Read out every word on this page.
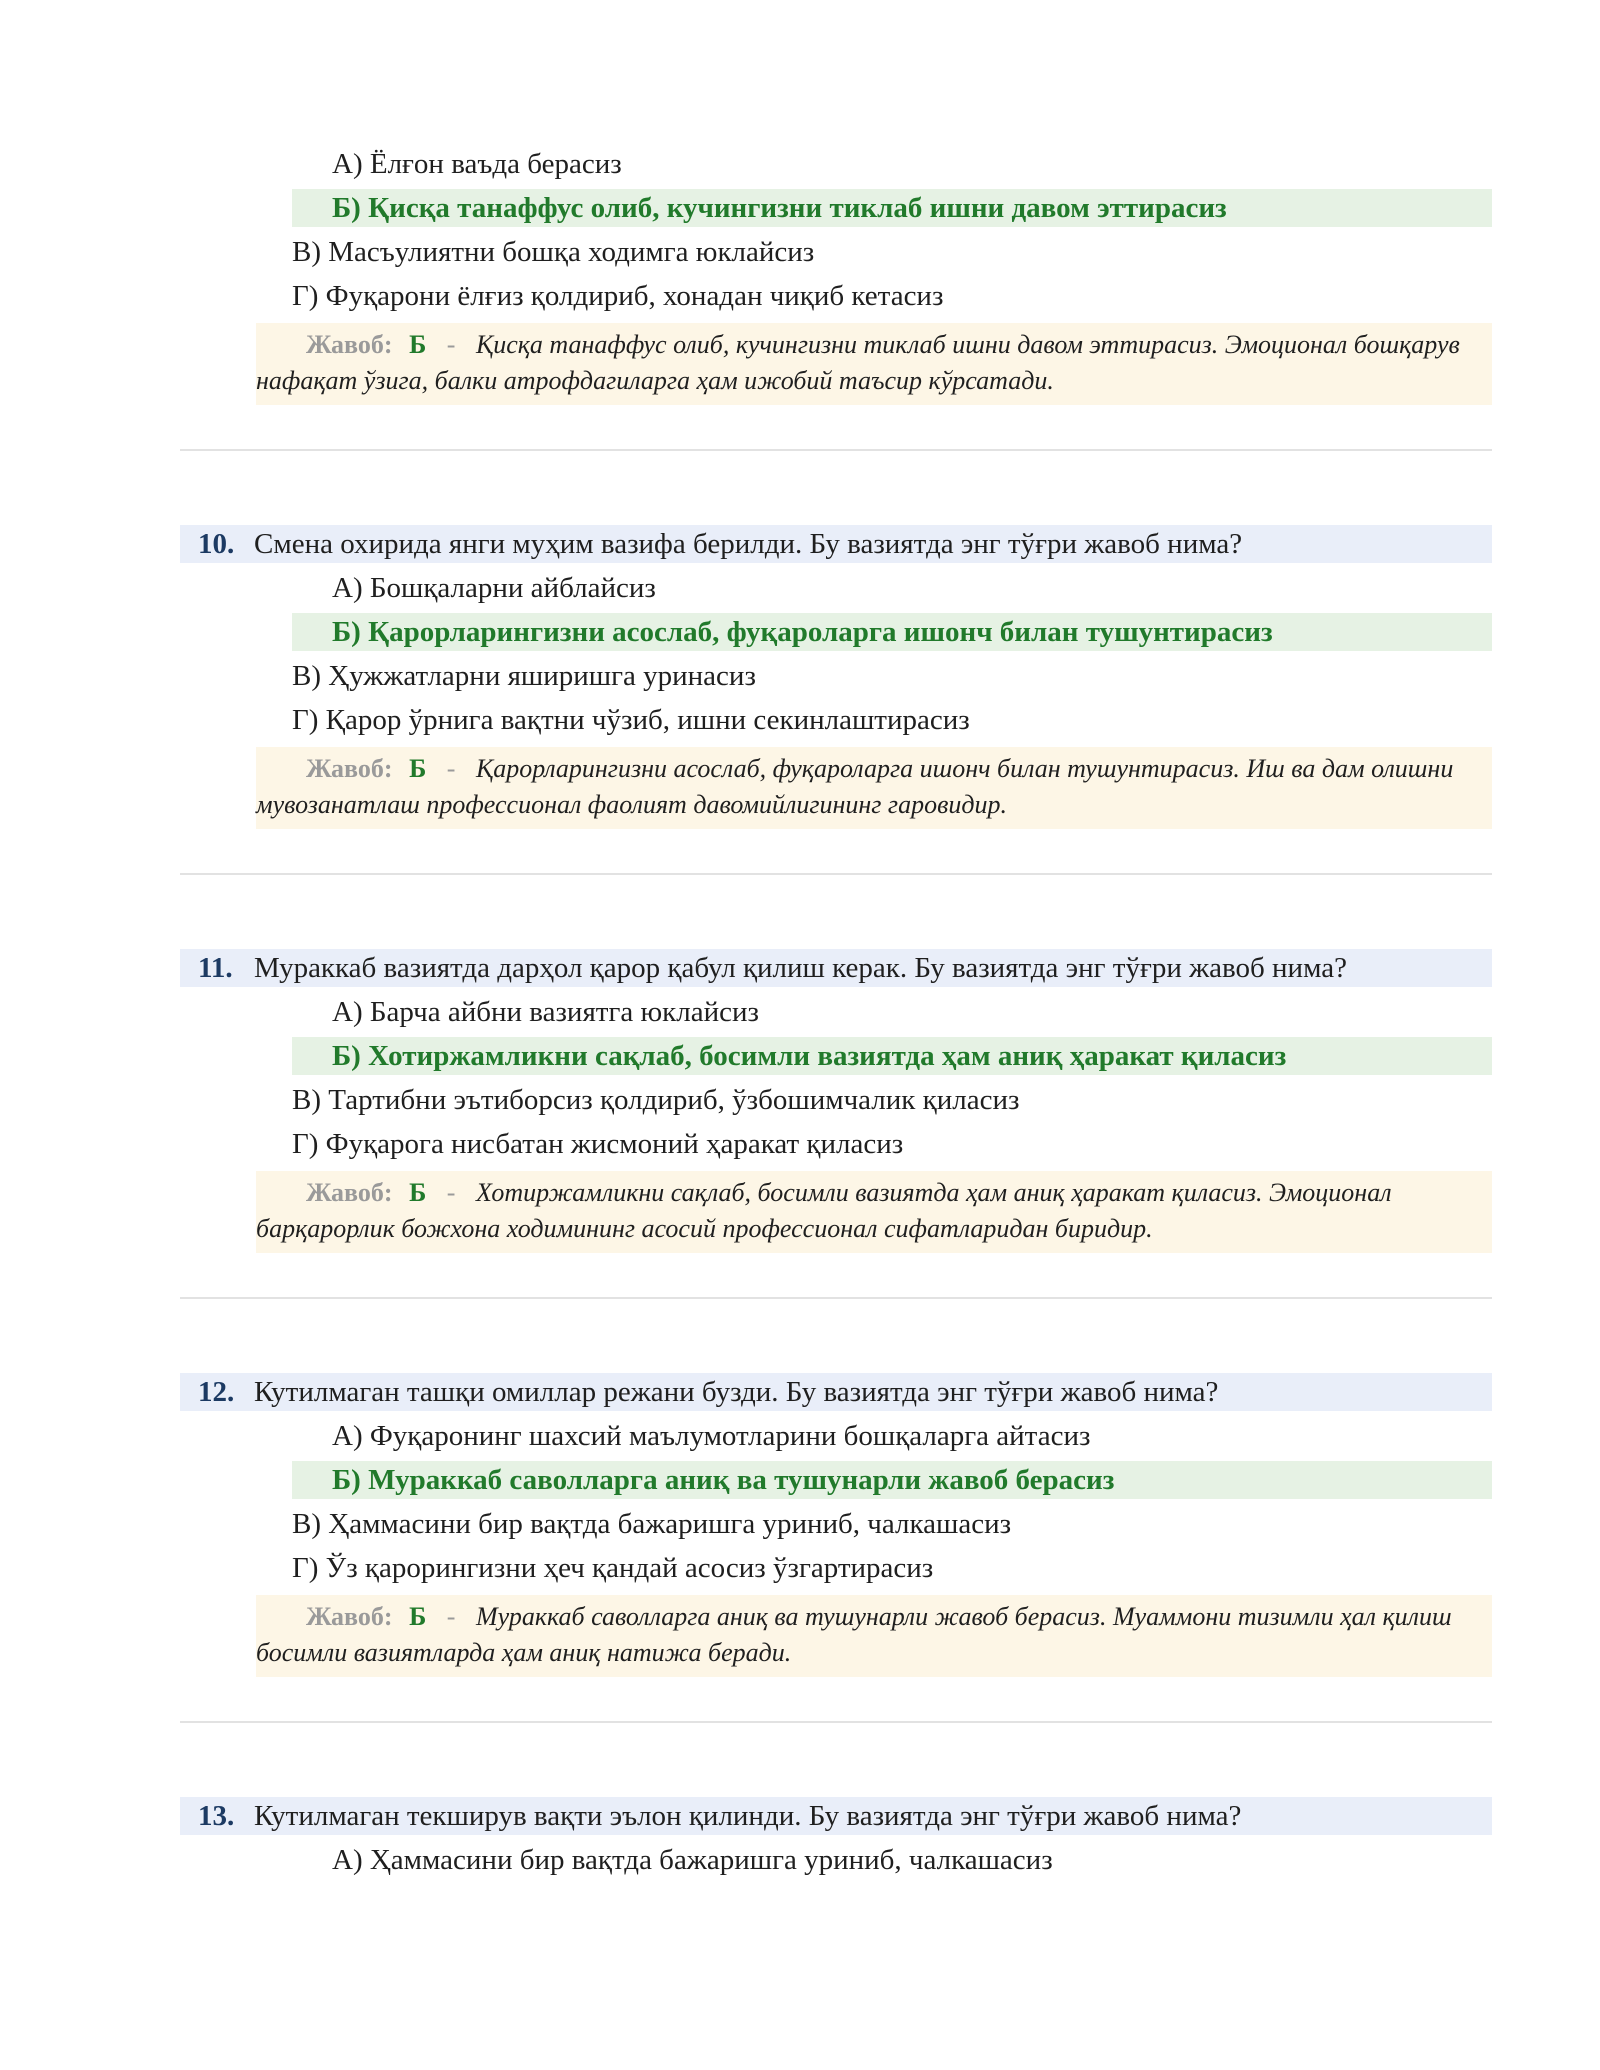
А) Ёлғон ваъда берасиз
Б) Қисқа танаффус олиб, кучингизни тиклаб ишни давом эттирасиз
В) Масъулиятни бошқа ходимга юклайсиз
Г) Фуқарони ёлғиз қолдириб, хонадан чиқиб кетасиз
Жавоб: Б - Қисқа танаффус олиб, кучингизни тиклаб ишни давом эттирасиз. Эмоционал бошқарув нафақат ўзига, балки атрофдагиларга ҳам ижобий таъсир кўрсатади.
10. Смена охирида янги муҳим вазифа берилди. Бу вазиятда энг тўғри жавоб нима?
А) Бошқаларни айблайсиз
Б) Қарорларингизни асослаб, фуқароларга ишонч билан тушунтирасиз
В) Ҳужжатларни яширишга уринасиз
Г) Қарор ўрнига вақтни чўзиб, ишни секинлаштирасиз
Жавоб: Б - Қарорларингизни асослаб, фуқароларга ишонч билан тушунтирасиз. Иш ва дам олишни мувозанатлаш профессионал фаолият давомийлигининг гаровидир.
11. Мураккаб вазиятда дарҳол қарор қабул қилиш керак. Бу вазиятда энг тўғри жавоб нима?
А) Барча айбни вазиятга юклайсиз
Б) Хотиржамликни сақлаб, босимли вазиятда ҳам аниқ ҳаракат қиласиз
В) Тартибни эътиборсиз қолдириб, ўзбошимчалик қиласиз
Г) Фуқарога нисбатан жисмоний ҳаракат қиласиз
Жавоб: Б - Хотиржамликни сақлаб, босимли вазиятда ҳам аниқ ҳаракат қиласиз. Эмоционал барқарорлик божхона ходимининг асосий профессионал сифатларидан биридир.
12. Кутилмаган ташқи омиллар режани бузди. Бу вазиятда энг тўғри жавоб нима?
А) Фуқаронинг шахсий маълумотларини бошқаларга айтасиз
Б) Мураккаб саволларга аниқ ва тушунарли жавоб берасиз
В) Ҳаммасини бир вақтда бажаришга уриниб, чалкашасиз
Г) Ўз қарорингизни ҳеч қандай асосиз ўзгартирасиз
Жавоб: Б - Мураккаб саволларга аниқ ва тушунарли жавоб берасиз. Муаммони тизимли ҳал қилиш босимли вазиятларда ҳам аниқ натижа беради.
13. Кутилмаган текширув вақти эълон қилинди. Бу вазиятда энг тўғри жавоб нима?
А) Ҳаммасини бир вақтда бажаришга уриниб, чалкашасиз
